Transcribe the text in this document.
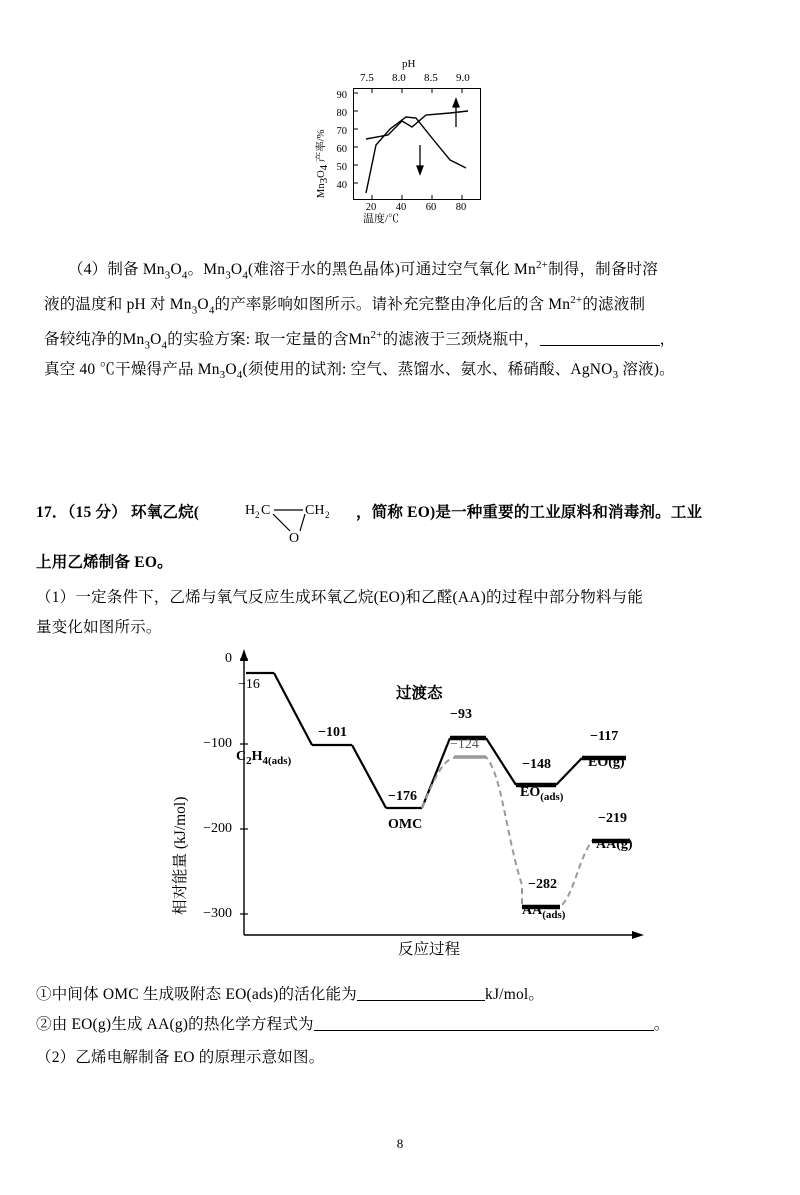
pH
7.5 8.0 8.5 9.0
Mn3O4 产率/%
90
80
70
60
50
40
20	40	60	80
温度/℃
（4）制备 $Mn_3O_4$。$Mn_3O_4$(难溶于水的黑色晶体)可通过空气氧化 $Mn^{2+}$制得，制备时溶
液的温度和 pH 对 $Mn_3O_4$的产率影响如图所示。请补充完整由净化后的含 $Mn^{2+}$的滤液制
备较纯净的$Mn_3O_4$的实验方案: 取一定量的含$Mn^{2+}$的滤液于三颈烧瓶中，	，
真空 40 ℃干燥得产品 $Mn_3O_4$(须使用的试剂: 空气、蒸馏水、氨水、稀硝酸、AgNO$_3$ 溶液)。
17．（15 分） 环氧乙烷(	H 2 C CH 2
O
，简称 EO)是一种重要的工业原料和消毒剂。工业
上用乙烯制备 EO。
（1）一定条件下，乙烯与氧气反应生成环氧乙烷(EO)和乙醛(AA)的过程中部分物料与能
量变化如图所示。
相对能量 (kJ/mol)
0
−100
−200
−300
−16
−101
$C_2H_{4(ads)}$
−176
OMC
过渡态
−93
−124
−148
$EO_{(ads)}$
−117
EO(g)
−282
$AA_{(ads)}$
−219
AA(g)
反应过程
①中间体 OMC 生成吸附态 EO(ads)的活化能为	kJ/mol。
②由 EO(g)生成 AA(g)的热化学方程式为	。
（2）乙烯电解制备 EO 的原理示意如图。
8
